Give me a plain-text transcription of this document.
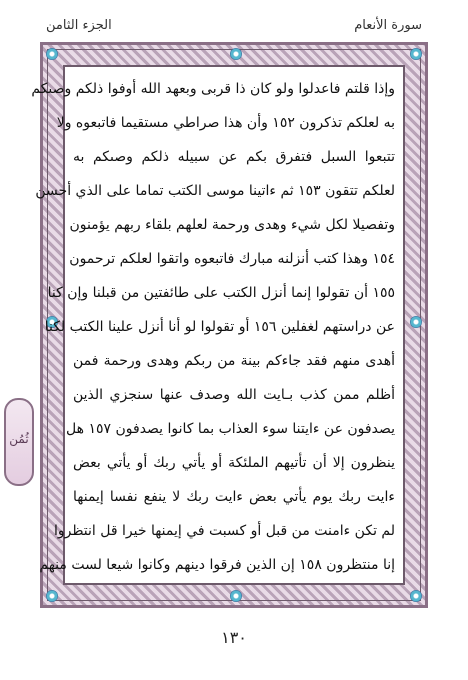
الجزء الثامن	سورة الأنعام
وإذا قلتم فاعدلوا ولو كان ذا قربى وبعهد الله أوفوا ذلكم وصىكم
به لعلكم تذكرون ١٥٢ وأن هذا صراطي مستقيما فاتبعوه ولا
تتبعوا السبل فتفرق بكم عن سبيله ذلكم وصىكم به
لعلكم تتقون ١٥٣ ثم ءاتينا موسى الكتب تماما على الذي أحسن
وتفصيلا لكل شيء وهدى ورحمة لعلهم بلقاء ربهم يؤمنون
١٥٤ وهذا كتب أنزلنه مبارك فاتبعوه واتقوا لعلكم ترحمون
١٥٥ أن تقولوا إنما أنزل الكتب على طائفتين من قبلنا وإن كنا
عن دراستهم لغفلين ١٥٦ أو تقولوا لو أنا أنزل علينا الكتب لكنا
أهدى منهم فقد جاءكم بينة من ربكم وهدى ورحمة فمن
أظلم ممن كذب بـايت الله وصدف عنها سنجزي الذين
يصدفون عن ءايتنا سوء العذاب بما كانوا يصدفون ١٥٧ هل
ينظرون إلا أن تأتيهم الملئكة أو يأتي ربك أو يأتي بعض
ءايت ربك يوم يأتي بعض ءايت ربك لا ينفع نفسا إيمنها
لم تكن ءامنت من قبل أو كسبت في إيمنها خيرا قل انتظروا
إنا منتظرون ١٥٨ إن الذين فرقوا دينهم وكانوا شيعا لست منهم
ثُمُن
١٣٠
